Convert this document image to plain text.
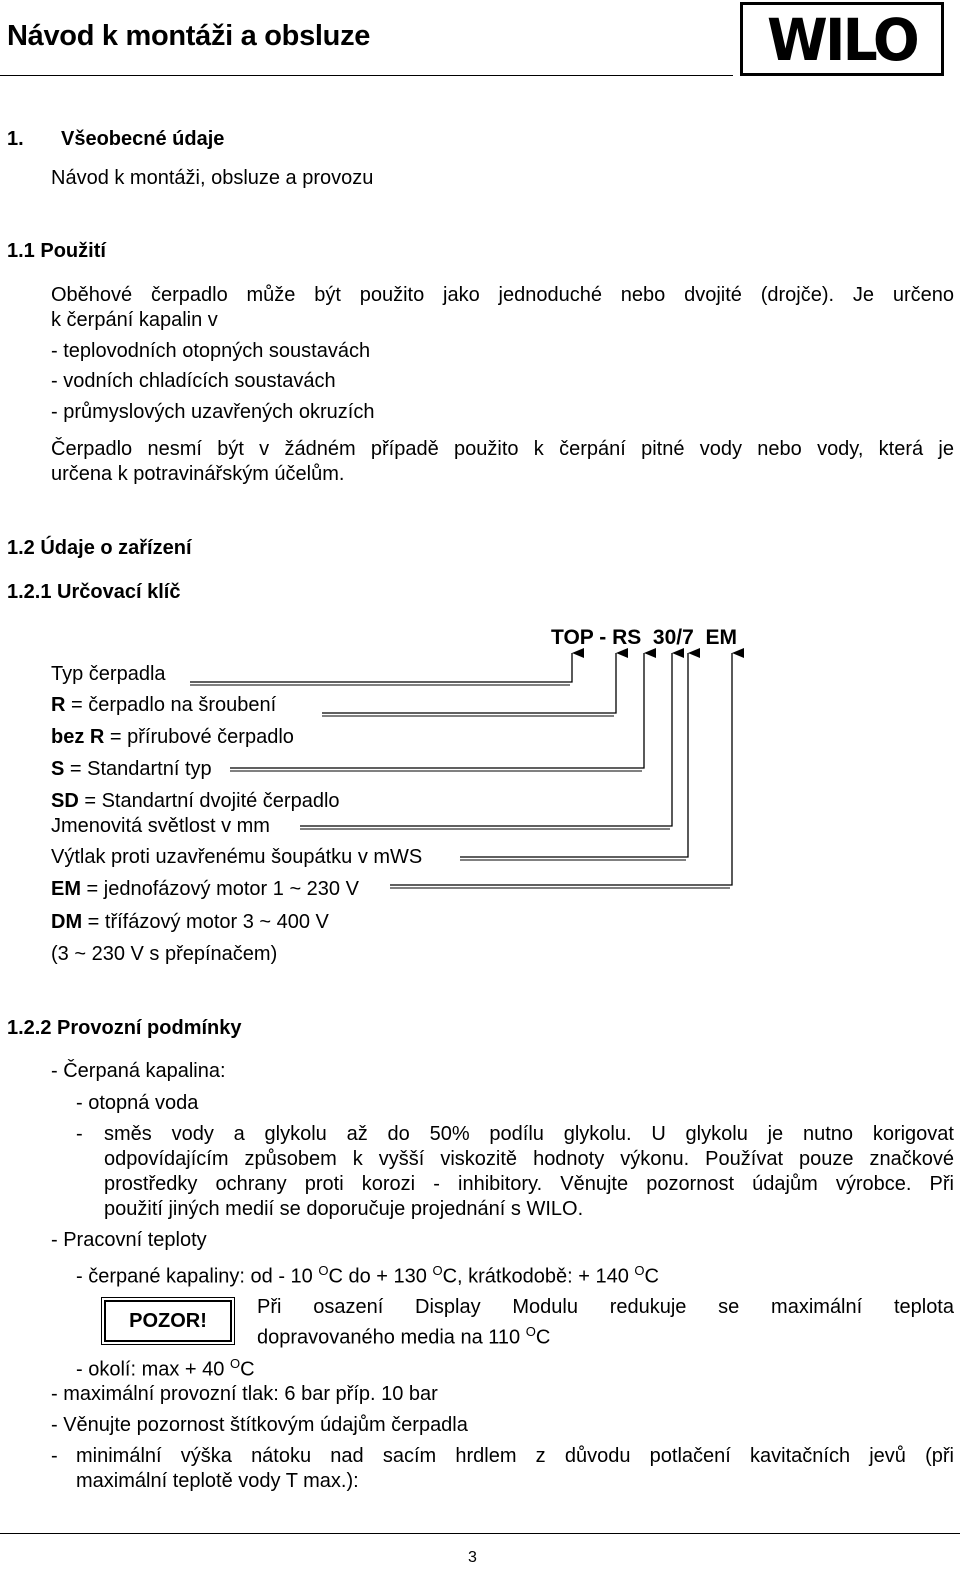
Návod k montáži a obsluze	WILO
1. Všeobecné údaje
Návod k montáži, obsluze a provozu
1.1 Použití
Oběhové čerpadlo může být použito jako jednoduché nebo dvojité (drojče). Je určeno
k čerpání kapalin v
- teplovodních otopných soustavách
- vodních chladících soustavách
- průmyslových uzavřených okruzích
Čerpadlo nesmí být v žádném případě použito k čerpání pitné vody nebo vody, která je
určena k potravinářským účelům.
1.2 Údaje o zařízení
1.2.1 Určovací klíč
TOP - RS  30/7  EM
Typ čerpadla
R = čerpadlo na šroubení
bez R = přírubové čerpadlo
S = Standartní typ
SD = Standartní dvojité čerpadlo
Jmenovitá světlost v mm
Výtlak proti uzavřenému šoupátku v mWS
EM = jednofázový motor 1 ~ 230 V
DM = třífázový motor 3 ~ 400 V
(3 ~ 230 V s přepínačem)
1.2.2 Provozní podmínky
- Čerpaná kapalina:
- otopná voda
- směs vody a glykolu až do 50% podílu glykolu. U glykolu je nutno korigovat
odpovídajícím způsobem k vyšší viskozitě hodnoty výkonu. Používat pouze značkové
prostředky ochrany proti korozi - inhibitory. Věnujte pozornost údajům výrobce. Při
použití jiných medií se doporučuje projednání s WILO.
- Pracovní teploty
- čerpané kapaliny: od - 10 $^O$C do + 130 $^O$C, krátkodobě: + 140 $^O$C
POZOR!
Při osazení Display Modulu redukuje se maximální teplota
dopravovaného media na 110 $^O$C
- okolí: max + 40 $^O$C
- maximální provozní tlak: 6 bar příp. 10 bar
- Věnujte pozornost štítkovým údajům čerpadla
- minimální výška nátoku nad sacím hrdlem z důvodu potlačení kavitačních jevů (při
maximální teplotě vody T max.):
3
